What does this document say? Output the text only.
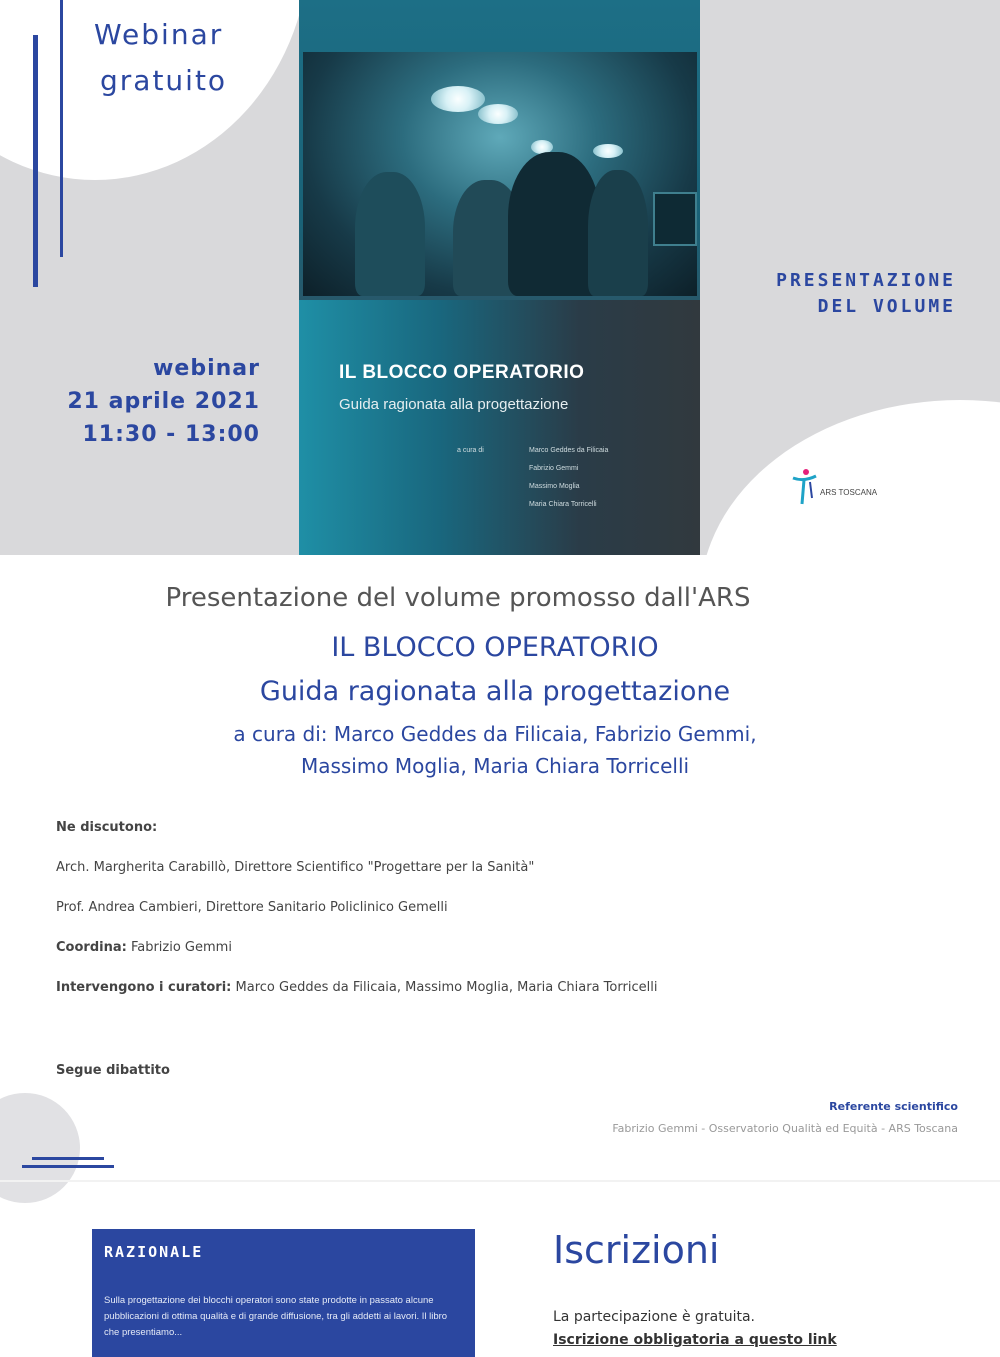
Webinar
gratuito
webinar
21 aprile 2021
11:30 - 13:00
PRESENTAZIONE
DEL VOLUME
ARS TOSCANA
IL BLOCCO OPERATORIO
Guida ragionata alla progettazione
a cura di	Marco Geddes da Filicaia
Fabrizio Gemmi
Massimo Moglia
Maria Chiara Torricelli
Presentazione del volume promosso dall'ARS
IL BLOCCO OPERATORIO
Guida ragionata alla progettazione
a cura di: Marco Geddes da Filicaia, Fabrizio Gemmi,
Massimo Moglia, Maria Chiara Torricelli
Ne discutono:
Arch. Margherita Carabillò, Direttore Scientifico "Progettare per la Sanità"
Prof. Andrea Cambieri, Direttore Sanitario Policlinico Gemelli
Coordina: Fabrizio Gemmi
Intervengono i curatori: Marco Geddes da Filicaia, Massimo Moglia, Maria Chiara Torricelli
Segue dibattito
Referente scientifico
Fabrizio Gemmi - Osservatorio Qualità ed Equità - ARS Toscana
RAZIONALE
Sulla progettazione dei blocchi operatori sono state prodotte in passato alcune pubblicazioni di ottima qualità e di grande diffusione, tra gli addetti ai lavori. Il libro che presentiamo...
Iscrizioni
La partecipazione è gratuita.
Iscrizione obbligatoria a questo link
